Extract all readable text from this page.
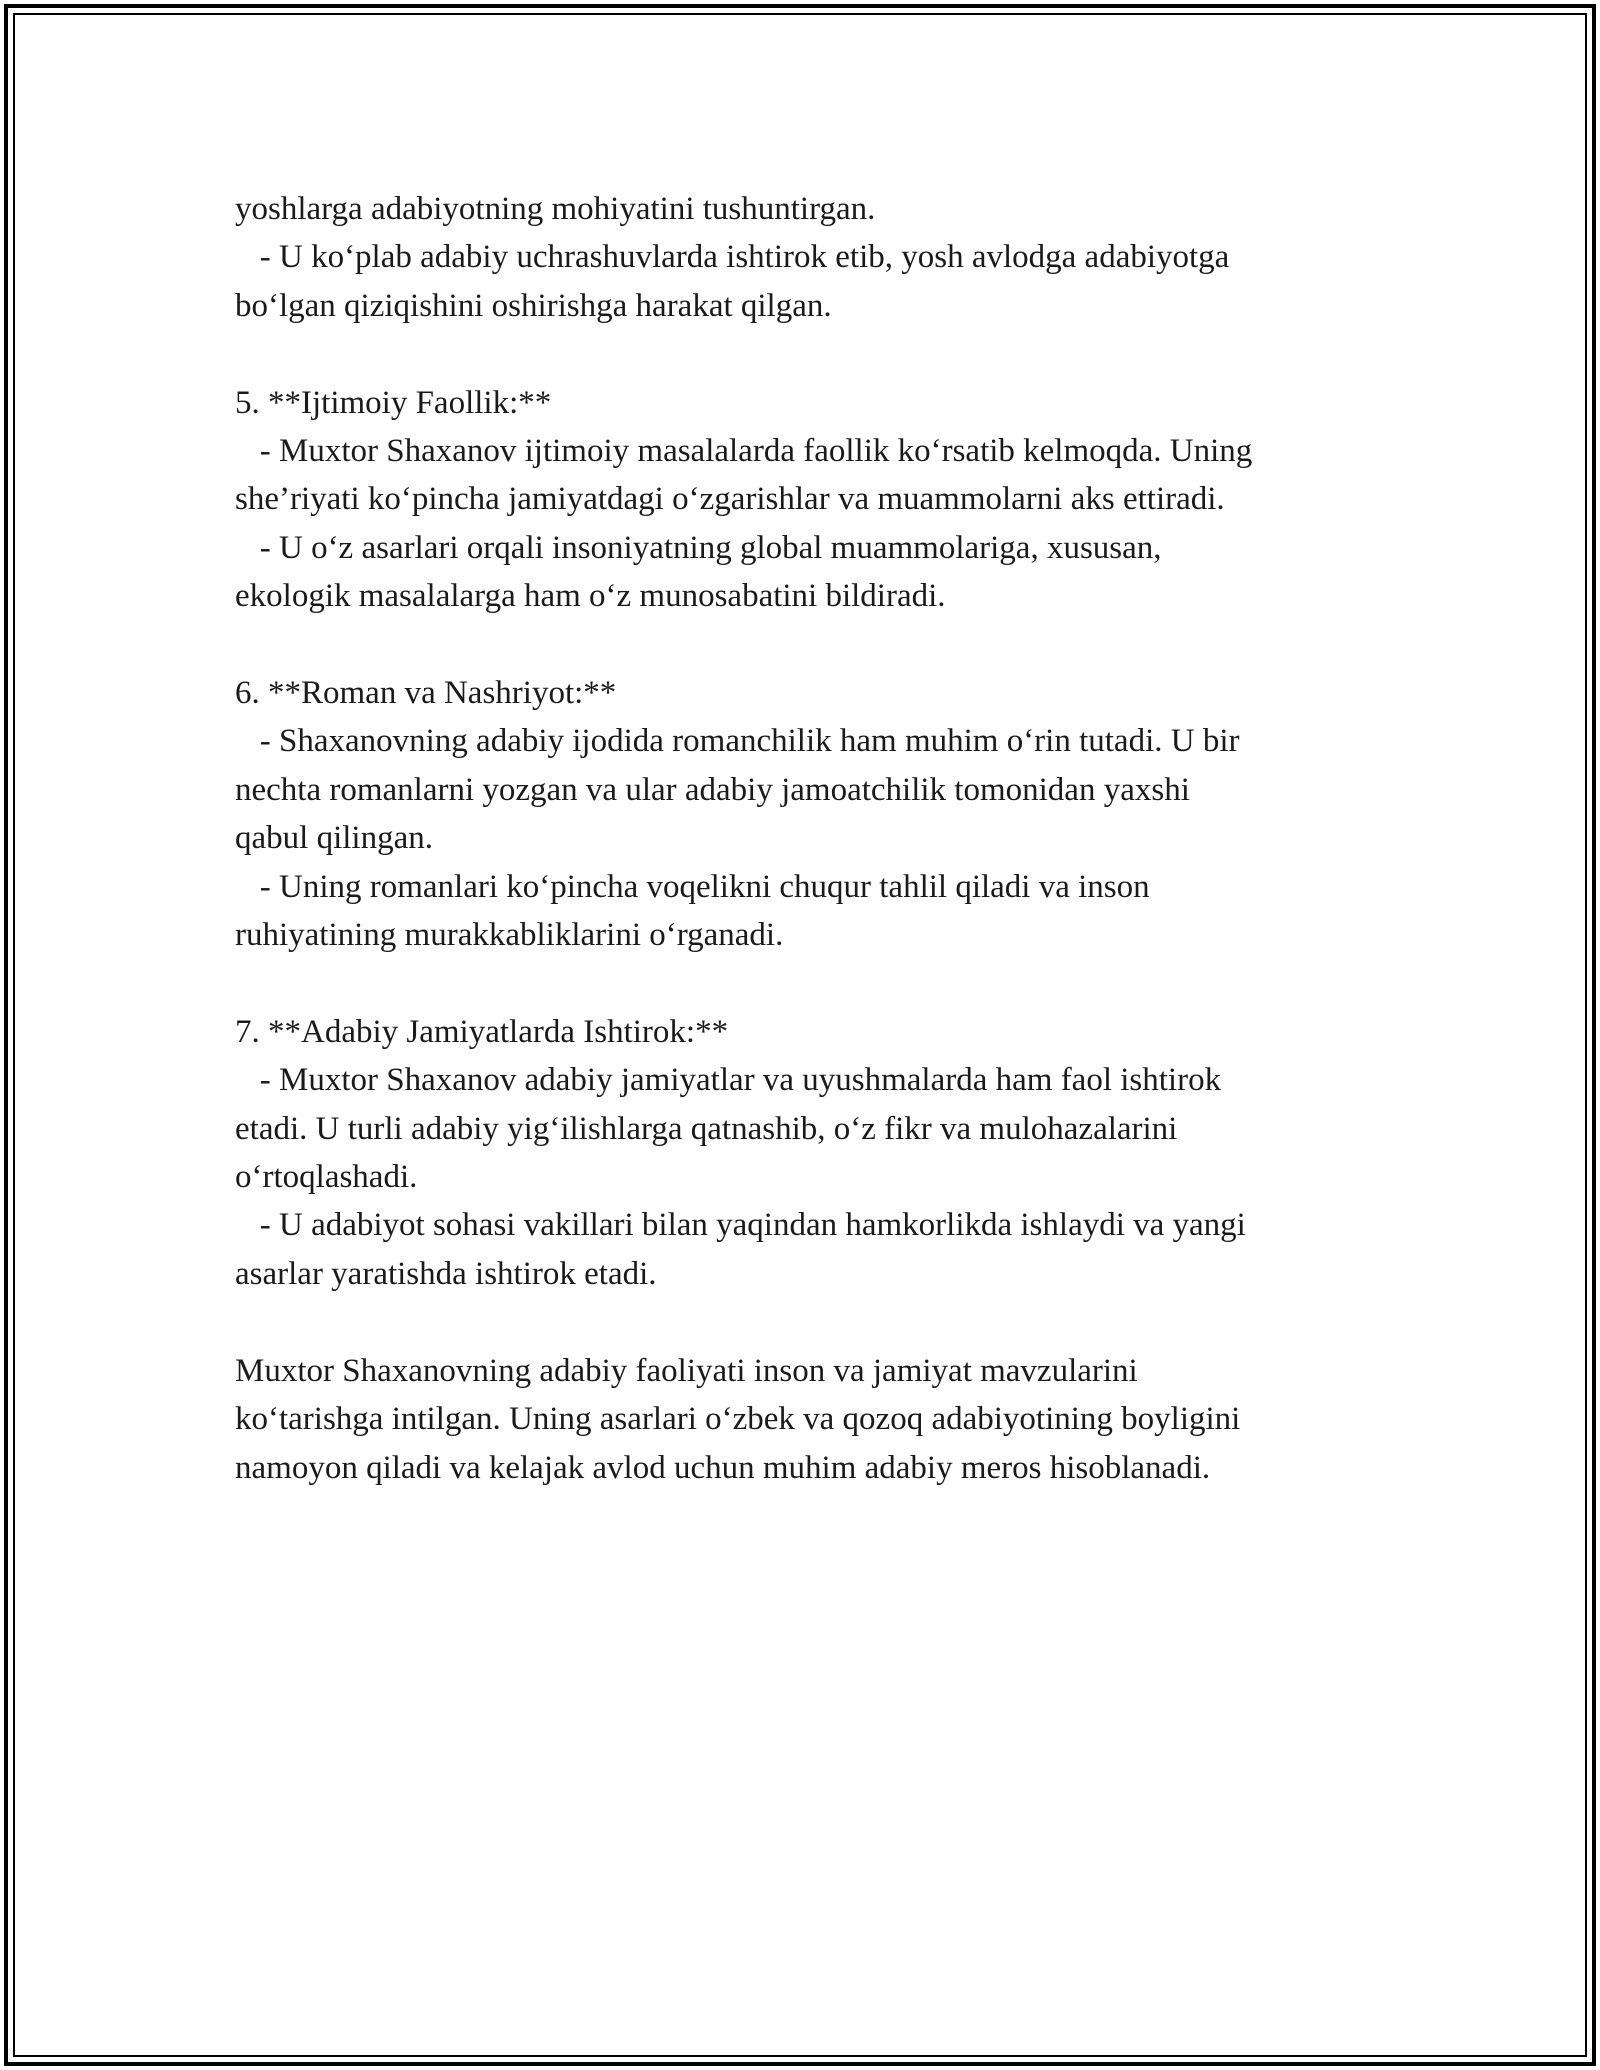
yoshlarga adabiyotning mohiyatini tushuntirgan.
- U ko‘plab adabiy uchrashuvlarda ishtirok etib, yosh avlodga adabiyotga
bo‘lgan qiziqishini oshirishga harakat qilgan.
5. **Ijtimoiy Faollik:**
- Muxtor Shaxanov ijtimoiy masalalarda faollik ko‘rsatib kelmoqda. Uning
she’riyati ko‘pincha jamiyatdagi o‘zgarishlar va muammolarni aks ettiradi.
- U o‘z asarlari orqali insoniyatning global muammolariga, xususan,
ekologik masalalarga ham o‘z munosabatini bildiradi.
6. **Roman va Nashriyot:**
- Shaxanovning adabiy ijodida romanchilik ham muhim o‘rin tutadi. U bir
nechta romanlarni yozgan va ular adabiy jamoatchilik tomonidan yaxshi
qabul qilingan.
- Uning romanlari ko‘pincha voqelikni chuqur tahlil qiladi va inson
ruhiyatining murakkabliklarini o‘rganadi.
7. **Adabiy Jamiyatlarda Ishtirok:**
- Muxtor Shaxanov adabiy jamiyatlar va uyushmalarda ham faol ishtirok
etadi. U turli adabiy yig‘ilishlarga qatnashib, o‘z fikr va mulohazalarini
o‘rtoqlashadi.
- U adabiyot sohasi vakillari bilan yaqindan hamkorlikda ishlaydi va yangi
asarlar yaratishda ishtirok etadi.
Muxtor Shaxanovning adabiy faoliyati inson va jamiyat mavzularini
ko‘tarishga intilgan. Uning asarlari o‘zbek va qozoq adabiyotining boyligini
namoyon qiladi va kelajak avlod uchun muhim adabiy meros hisoblanadi.
